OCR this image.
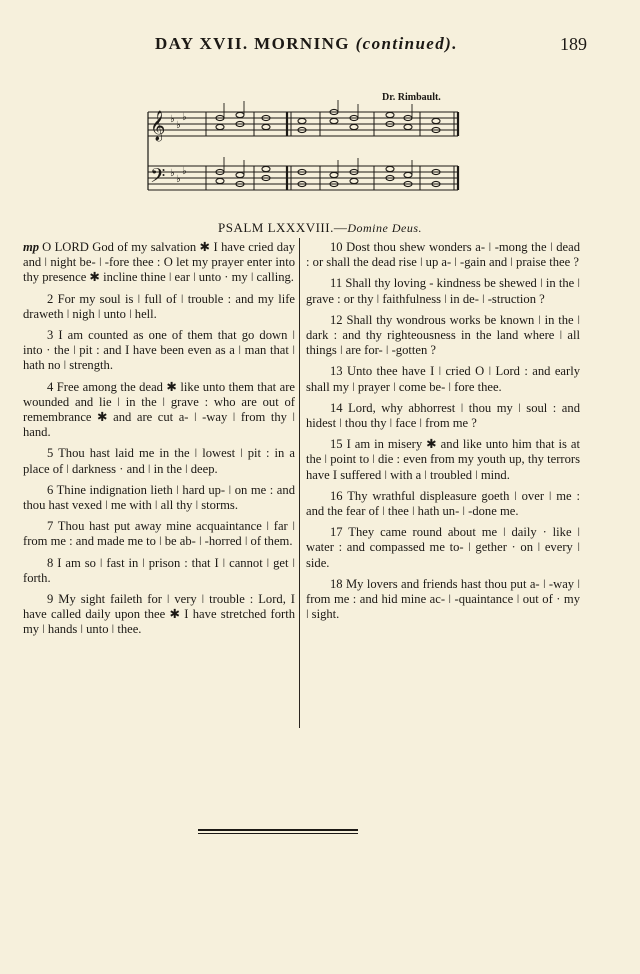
DAY XVII. MORNING (continued).	189
Dr. Rimbault.
𝄞
𝄢
♭
♭
♭
♭
♭
♭
PSALM LXXXVIII.—Domine Deus.

mp O LORD God of my salvation ✱ I have cried day and ǀ night be- ǀ -fore thee : O let my prayer enter into thy presence ✱ incline thine ǀ ear ǀ unto · my ǀ calling.

2 For my soul is ǀ full of ǀ trouble : and my life draweth ǀ nigh ǀ unto ǀ hell.

3 I am counted as one of them that go down ǀ into · the ǀ pit : and I have been even as a ǀ man that ǀ hath no ǀ strength.

4 Free among the dead ✱ like unto them that are wounded and lie ǀ in the ǀ grave : who are out of remembrance ✱ and are cut a- ǀ -way ǀ from thy ǀ hand.

5 Thou hast laid me in the ǀ lowest ǀ pit : in a place of ǀ darkness · and ǀ in the ǀ deep.

6 Thine indignation lieth ǀ hard up- ǀ on me : and thou hast vexed ǀ me with ǀ all thy ǀ storms.

7 Thou hast put away mine acquaintance ǀ far ǀ from me : and made me to ǀ be ab- ǀ -horred ǀ of them.

8 I am so ǀ fast in ǀ prison : that I ǀ cannot ǀ get ǀ forth.

9 My sight faileth for ǀ very ǀ trouble : Lord, I have called daily upon thee ✱ I have stretched forth my ǀ hands ǀ unto ǀ thee.

10 Dost thou shew wonders a- ǀ -mong the ǀ dead : or shall the dead rise ǀ up a- ǀ -gain and ǀ praise thee ?

11 Shall thy loving - kindness be shewed ǀ in the ǀ grave : or thy ǀ faithfulness ǀ in de- ǀ -struction ?

12 Shall thy wondrous works be known ǀ in the ǀ dark : and thy righteousness in the land where ǀ all things ǀ are for- ǀ -gotten ?

13 Unto thee have I ǀ cried O ǀ Lord : and early shall my ǀ prayer ǀ come be- ǀ fore thee.

14 Lord, why abhorrest ǀ thou my ǀ soul : and hidest ǀ thou thy ǀ face ǀ from me ?

15 I am in misery ✱ and like unto him that is at the ǀ point to ǀ die : even from my youth up, thy terrors have I suffered ǀ with a ǀ troubled ǀ mind.

16 Thy wrathful displeasure goeth ǀ over ǀ me : and the fear of ǀ thee ǀ hath un- ǀ -done me.

17 They came round about me ǀ daily · like ǀ water : and compassed me to- ǀ gether · on ǀ every ǀ side.

18 My lovers and friends hast thou put a- ǀ -way ǀ from me : and hid mine ac- ǀ -quaintance ǀ out of · my ǀ sight.
